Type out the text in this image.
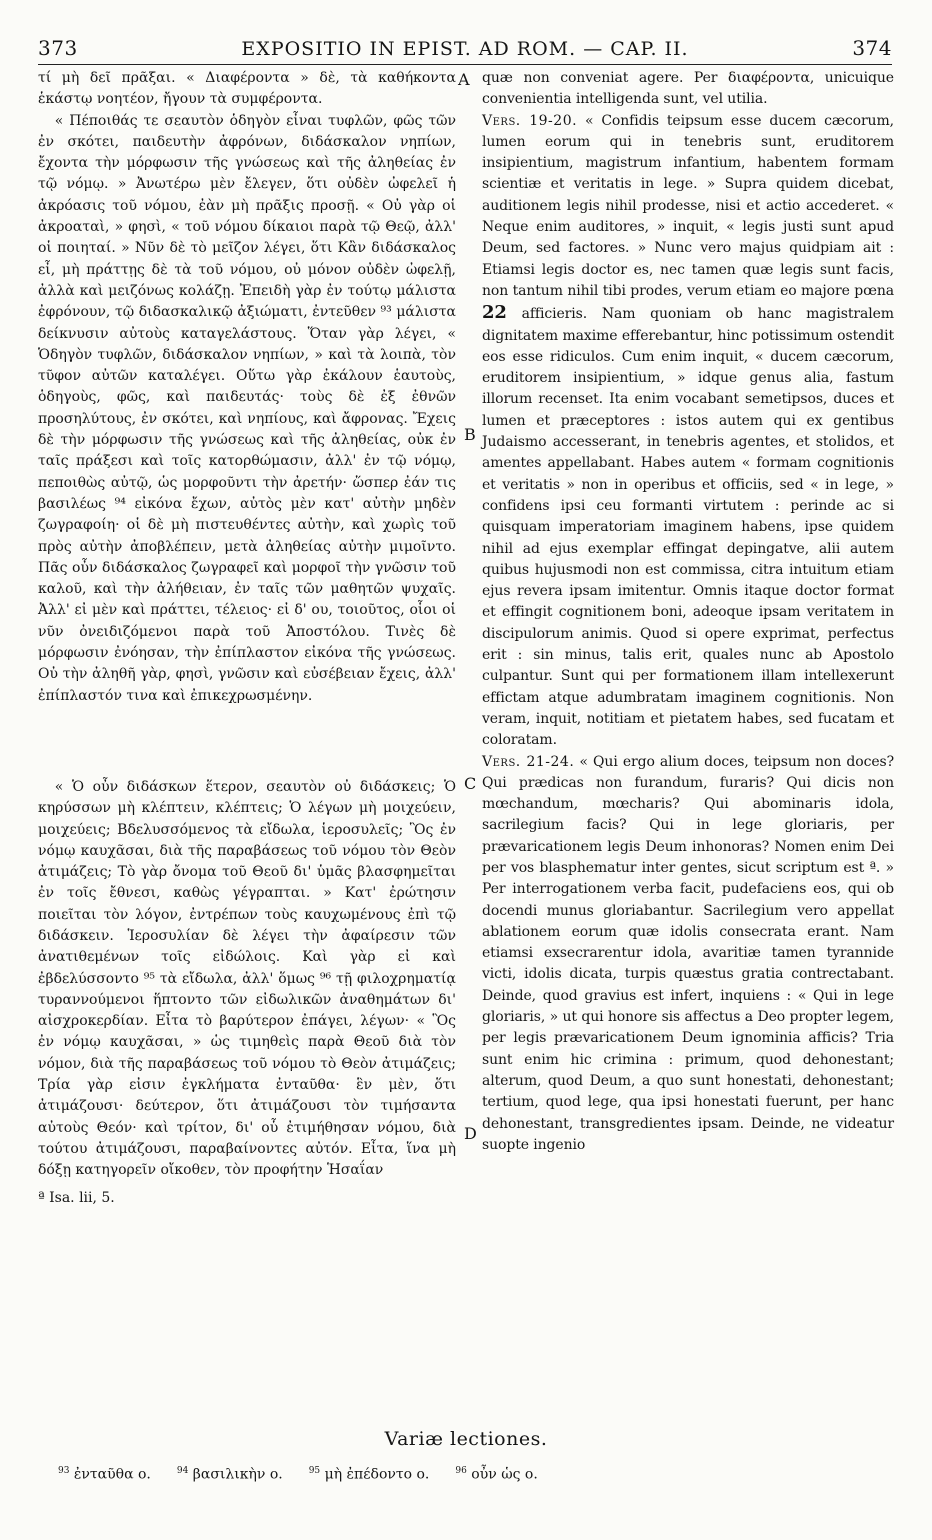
373	EXPOSITIO IN EPIST. AD ROM. — CAP. II.	374

τί μὴ δεῖ πρᾶξαι. « Διαφέροντα » δὲ, τὰ καθήκοντα ἑκάστῳ νοητέον, ἤγουν τὰ συμφέροντα.

« Πέποιθάς τε σεαυτὸν ὁδηγὸν εἶναι τυφλῶν, φῶς τῶν ἐν σκότει, παιδευτὴν ἀφρόνων, διδάσκαλον νηπίων, ἔχοντα τὴν μόρφωσιν τῆς γνώσεως καὶ τῆς ἀληθείας ἐν τῷ νόμῳ. » Ἀνωτέρω μὲν ἔλεγεν, ὅτι οὐδὲν ὠφελεῖ ἡ ἀκρόασις τοῦ νόμου, ἐὰν μὴ πρᾶξις προσῇ. « Οὐ γὰρ οἱ ἀκροαταὶ, » φησὶ, « τοῦ νόμου δίκαιοι παρὰ τῷ Θεῷ, ἀλλ' οἱ ποιηταί. » Νῦν δὲ τὸ μεῖζον λέγει, ὅτι Κἂν διδάσκαλος εἶ, μὴ πράττῃς δὲ τὰ τοῦ νόμου, οὐ μόνον οὐδὲν ὠφελῇ, ἀλλὰ καὶ μειζόνως κολάζῃ. Ἐπειδὴ γὰρ ἐν τούτῳ μάλιστα ἐφρόνουν, τῷ διδασκαλικῷ ἀξιώματι, ἐντεῦθεν ⁹³ μάλιστα δείκνυσιν αὐτοὺς καταγελάστους. Ὅταν γὰρ λέγει, « Ὁδηγὸν τυφλῶν, διδάσκαλον νηπίων, » καὶ τὰ λοιπὰ, τὸν τῦφον αὐτῶν καταλέγει. Οὕτω γὰρ ἐκάλουν ἑαυτοὺς, ὁδηγοὺς, φῶς, καὶ παιδευτάς· τοὺς δὲ ἐξ ἐθνῶν προσηλύτους, ἐν σκότει, καὶ νηπίους, καὶ ἄφρονας. Ἔχεις δὲ τὴν μόρφωσιν τῆς γνώσεως καὶ τῆς ἀληθείας, οὐκ ἐν ταῖς πράξεσι καὶ τοῖς κατορθώμασιν, ἀλλ' ἐν τῷ νόμῳ, πεποιθὼς αὐτῷ, ὡς μορφοῦντι τὴν ἀρετήν· ὥσπερ ἐάν τις βασιλέως ⁹⁴ εἰκόνα ἔχων, αὐτὸς μὲν κατ' αὐτὴν μηδὲν ζωγραφοίη· οἱ δὲ μὴ πιστευθέντες αὐτὴν, καὶ χωρὶς τοῦ πρὸς αὐτὴν ἀποβλέπειν, μετὰ ἀληθείας αὐτὴν μιμοῖντο. Πᾶς οὖν διδάσκαλος ζωγραφεῖ καὶ μορφοῖ τὴν γνῶσιν τοῦ καλοῦ, καὶ τὴν ἀλήθειαν, ἐν ταῖς τῶν μαθητῶν ψυχαῖς. Ἀλλ' εἰ μὲν καὶ πράττει, τέλειος· εἰ δ' ου, τοιοῦτος, οἷοι οἱ νῦν ὀνειδιζόμενοι παρὰ τοῦ Ἀποστόλου. Τινὲς δὲ μόρφωσιν ἐνόησαν, τὴν ἐπίπλαστον εἰκόνα τῆς γνώσεως. Οὐ τὴν ἀληθῆ γὰρ, φησὶ, γνῶσιν καὶ εὐσέβειαν ἔχεις, ἀλλ' ἐπίπλαστόν τινα καὶ ἐπικεχρωσμένην.

« Ὁ οὖν διδάσκων ἕτερον, σεαυτὸν οὐ διδάσκεις; Ὁ κηρύσσων μὴ κλέπτειν, κλέπτεις; Ὁ λέγων μὴ μοιχεύειν, μοιχεύεις; Βδελυσσόμενος τὰ εἴδωλα, ἱεροσυλεῖς; Ὃς ἐν νόμῳ καυχᾶσαι, διὰ τῆς παραβάσεως τοῦ νόμου τὸν Θεὸν ἀτιμάζεις; Τὸ γὰρ ὄνομα τοῦ Θεοῦ δι' ὑμᾶς βλασφημεῖται ἐν τοῖς ἔθνεσι, καθὼς γέγραπται. » Κατ' ἐρώτησιν ποιεῖται τὸν λόγον, ἐντρέπων τοὺς καυχωμένους ἐπὶ τῷ διδάσκειν. Ἱεροσυλίαν δὲ λέγει τὴν ἀφαίρεσιν τῶν ἀνατιθεμένων τοῖς εἰδώλοις. Καὶ γὰρ εἰ καὶ ἐβδελύσσοντο ⁹⁵ τὰ εἴδωλα, ἀλλ' ὅμως ⁹⁶ τῇ φιλοχρηματίᾳ τυραννούμενοι ἥπτοντο τῶν εἰδωλικῶν ἀναθημάτων δι' αἰσχροκερδίαν. Εἶτα τὸ βαρύτερον ἐπάγει, λέγων· « Ὃς ἐν νόμῳ καυχᾶσαι, » ὡς τιμηθεὶς παρὰ Θεοῦ διὰ τὸν νόμον, διὰ τῆς παραβάσεως τοῦ νόμου τὸ Θεὸν ἀτιμάζεις; Τρία γὰρ εἰσιν ἐγκλήματα ἐνταῦθα· ἓν μὲν, ὅτι ἀτιμάζουσι· δεύτερον, ὅτι ἀτιμάζουσι τὸν τιμήσαντα αὐτοὺς Θεόν· καὶ τρίτον, δι' οὗ ἐτιμήθησαν νόμου, διὰ τούτου ἀτιμάζουσι, παραβαίνοντες αὐτόν. Εἶτα, ἵνα μὴ δόξῃ κατηγορεῖν οἴκοθεν, τὸν προφήτην Ἡσαΐαν

ª Isa. lii, 5.

A
B
C
D

quæ non conveniat agere. Per διαφέροντα, unicuique convenientia intelligenda sunt, vel utilia.

Vers. 19-20. « Confidis teipsum esse ducem cæcorum, lumen eorum qui in tenebris sunt, eruditorem insipientium, magistrum infantium, habentem formam scientiæ et veritatis in lege. » Supra quidem dicebat, auditionem legis nihil prodesse, nisi et actio accederet. « Neque enim auditores, » inquit, « legis justi sunt apud Deum, sed factores. » Nunc vero majus quidpiam ait : Etiamsi legis doctor es, nec tamen quæ legis sunt facis, non tantum nihil tibi prodes, verum etiam eo majore pœna 22 afficieris. Nam quoniam ob hanc magistralem dignitatem maxime efferebantur, hinc potissimum ostendit eos esse ridiculos. Cum enim inquit, « ducem cæcorum, eruditorem insipientium, » idque genus alia, fastum illorum recenset. Ita enim vocabant semetipsos, duces et lumen et præceptores : istos autem qui ex gentibus Judaismo accesserant, in tenebris agentes, et stolidos, et amentes appellabant. Habes autem « formam cognitionis et veritatis » non in operibus et officiis, sed « in lege, » confidens ipsi ceu formanti virtutem : perinde ac si quisquam imperatoriam imaginem habens, ipse quidem nihil ad ejus exemplar effingat depingatve, alii autem quibus hujusmodi non est commissa, citra intuitum etiam ejus revera ipsam imitentur. Omnis itaque doctor format et effingit cognitionem boni, adeoque ipsam veritatem in discipulorum animis. Quod si opere exprimat, perfectus erit : sin minus, talis erit, quales nunc ab Apostolo culpantur. Sunt qui per formationem illam intellexerunt effictam atque adumbratam imaginem cognitionis. Non veram, inquit, notitiam et pietatem habes, sed fucatam et coloratam.

Vers. 21-24. « Qui ergo alium doces, teipsum non doces? Qui prædicas non furandum, furaris? Qui dicis non mœchandum, mœcharis? Qui abominaris idola, sacrilegium facis? Qui in lege gloriaris, per prævaricationem legis Deum inhonoras? Nomen enim Dei per vos blasphematur inter gentes, sicut scriptum est ª. » Per interrogationem verba facit, pudefaciens eos, qui ob docendi munus gloriabantur. Sacrilegium vero appellat ablationem eorum quæ idolis consecrata erant. Nam etiamsi exsecrarentur idola, avaritiæ tamen tyrannide victi, idolis dicata, turpis quæstus gratia contrectabant. Deinde, quod gravius est infert, inquiens : « Qui in lege gloriaris, » ut qui honore sis affectus a Deo propter legem, per legis prævaricationem Deum ignominia afficis? Tria sunt enim hic crimina : primum, quod dehonestant; alterum, quod Deum, a quo sunt honestati, dehonestant; tertium, quod lege, qua ipsi honestati fuerunt, per hanc dehonestant, transgredientes ipsam. Deinde, ne videatur suopte ingenio

Variæ lectiones.
$^{93}$ ἐνταῦθα ο.	$^{94}$ βασιλικὴν ο.	$^{95}$ μὴ ἐπέδοντο ο.	$^{96}$ οὖν ὡς ο.
